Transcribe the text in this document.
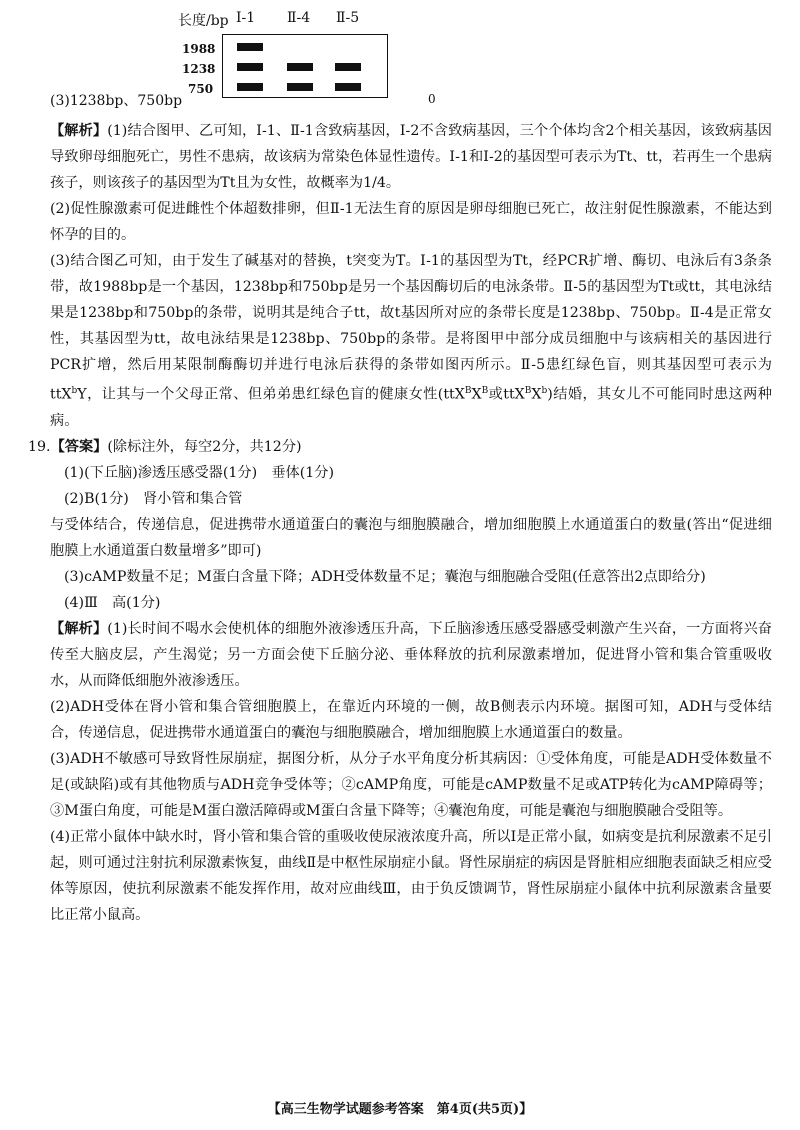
长度/bp Ⅰ-1 Ⅱ-4 Ⅱ-5
1988
1238
750
(3)1238bp、750bp	0

【解析】(1)结合图甲、乙可知，Ⅰ-1、Ⅱ-1含致病基因，Ⅰ-2不含致病基因，三个个体均含2个相关基因，该致病基因导致卵母细胞死亡，男性不患病，故该病为常染色体显性遗传。Ⅰ-1和Ⅰ-2的基因型可表示为Tt、tt，若再生一个患病孩子，则该孩子的基因型为Tt且为女性，故概率为1/4。

(2)促性腺激素可促进雌性个体超数排卵，但Ⅱ-1无法生育的原因是卵母细胞已死亡，故注射促性腺激素，不能达到怀孕的目的。

(3)结合图乙可知，由于发生了碱基对的替换，t突变为T。Ⅰ-1的基因型为Tt，经PCR扩增、酶切、电泳后有3条条带，故1988bp是一个基因，1238bp和750bp是另一个基因酶切后的电泳条带。Ⅱ-5的基因型为Tt或tt，其电泳结果是1238bp和750bp的条带，说明其是纯合子tt，故t基因所对应的条带长度是1238bp、750bp。Ⅱ-4是正常女性，其基因型为tt，故电泳结果是1238bp、750bp的条带。是将图甲中部分成员细胞中与该病相关的基因进行PCR扩增，然后用某限制酶酶切并进行电泳后获得的条带如图丙所示。Ⅱ-5患红绿色盲，则其基因型可表示为ttX$^b$Y，让其与一个父母正常、但弟弟患红绿色盲的健康女性($ttX^BX^B$或$ttX^BX^b$)结婚，其女儿不可能同时患这两种病。

19.【答案】(除标注外，每空2分，共12分)

(1)(下丘脑)渗透压感受器(1分)　垂体(1分)

(2)B(1分)　肾小管和集合管

与受体结合，传递信息，促进携带水通道蛋白的囊泡与细胞膜融合，增加细胞膜上水通道蛋白的数量(答出“促进细胞膜上水通道蛋白数量增多”即可)

(3)cAMP数量不足；M蛋白含量下降；ADH受体数量不足；囊泡与细胞融合受阻(任意答出2点即给分)

(4)Ⅲ　高(1分)

【解析】(1)长时间不喝水会使机体的细胞外液渗透压升高，下丘脑渗透压感受器感受刺激产生兴奋，一方面将兴奋传至大脑皮层，产生渴觉；另一方面会使下丘脑分泌、垂体释放的抗利尿激素增加，促进肾小管和集合管重吸收水，从而降低细胞外液渗透压。

(2)ADH受体在肾小管和集合管细胞膜上，在靠近内环境的一侧，故B侧表示内环境。据图可知，ADH与受体结合，传递信息，促进携带水通道蛋白的囊泡与细胞膜融合，增加细胞膜上水通道蛋白的数量。

(3)ADH不敏感可导致肾性尿崩症，据图分析，从分子水平角度分析其病因：①受体角度，可能是ADH受体数量不足(或缺陷)或有其他物质与ADH竞争受体等；②cAMP角度，可能是cAMP数量不足或ATP转化为cAMP障碍等；③M蛋白角度，可能是M蛋白激活障碍或M蛋白含量下降等；④囊泡角度，可能是囊泡与细胞膜融合受阻等。

(4)正常小鼠体中缺水时，肾小管和集合管的重吸收使尿液浓度升高，所以Ⅰ是正常小鼠，如病变是抗利尿激素不足引起，则可通过注射抗利尿激素恢复，曲线Ⅱ是中枢性尿崩症小鼠。肾性尿崩症的病因是肾脏相应细胞表面缺乏相应受体等原因，使抗利尿激素不能发挥作用，故对应曲线Ⅲ，由于负反馈调节，肾性尿崩症小鼠体中抗利尿激素含量要比正常小鼠高。

【高三生物学试题参考答案　第4页(共5页)】
